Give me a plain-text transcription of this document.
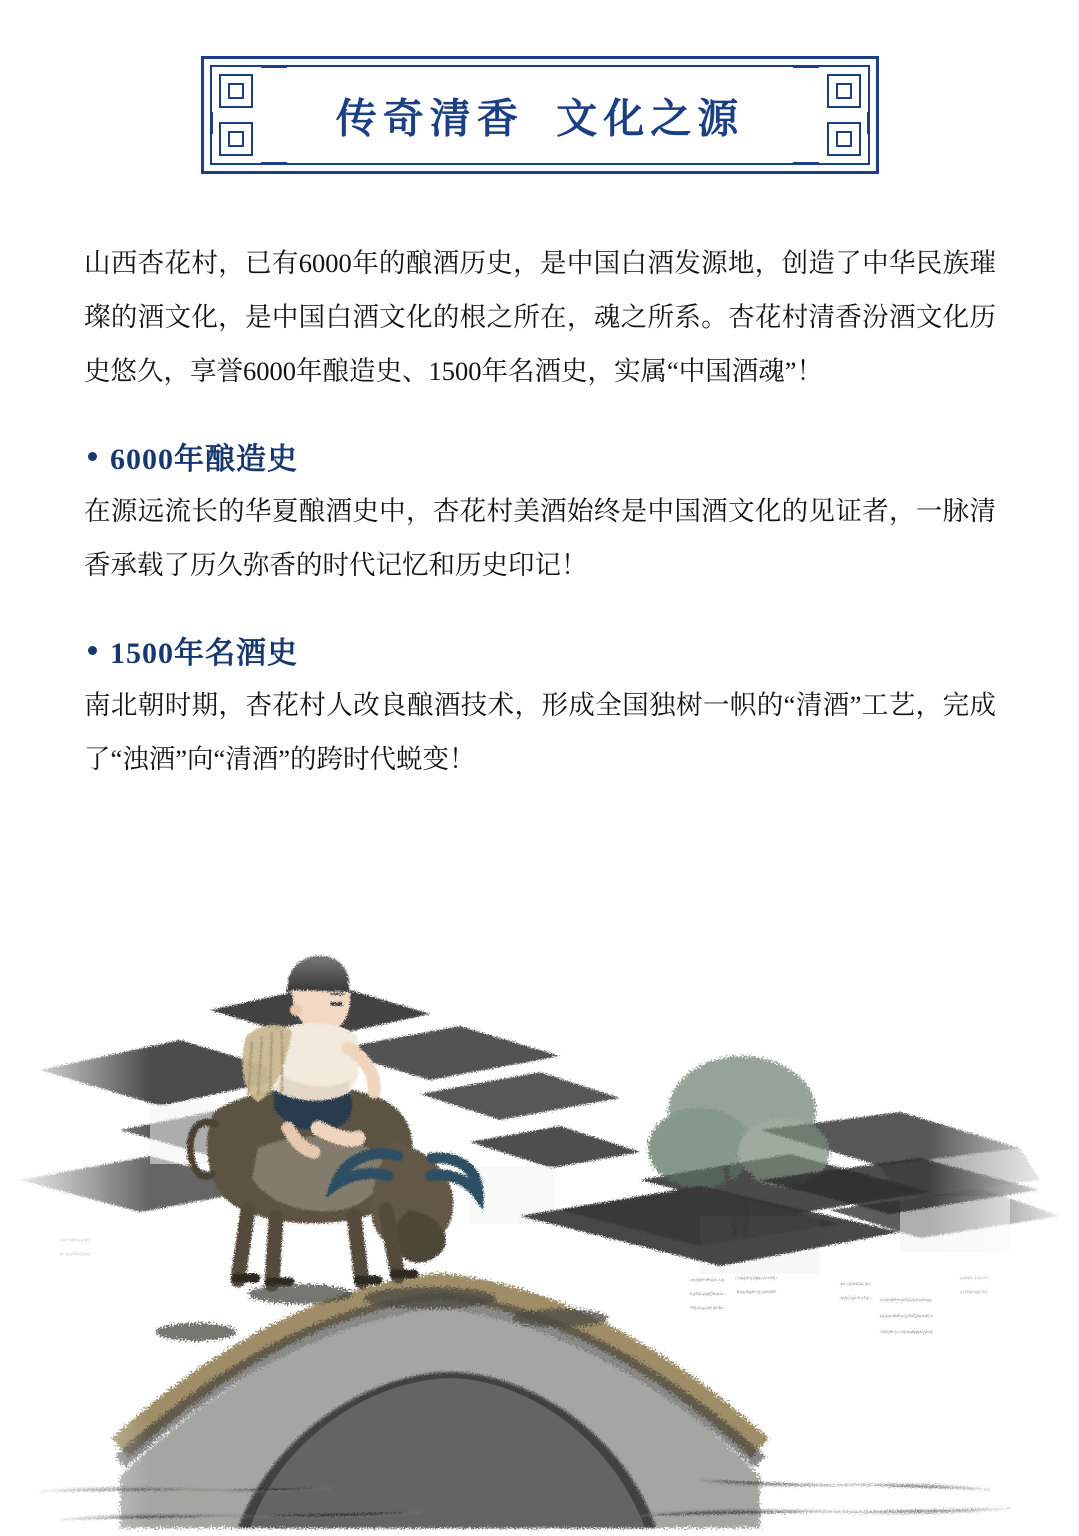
传奇清香  文化之源

山西杏花村，已有6000年的酿酒历史，是中国白酒发源地，创造了中华民族璀璨的酒文化，是中国白酒文化的根之所在，魂之所系。杏花村清香汾酒文化历史悠久，享誉6000年酿造史、1500年名酒史，实属“中国酒魂”！

6000年酿造史

在源远流长的华夏酿酒史中，杏花村美酒始终是中国酒文化的见证者，一脉清香承载了历久弥香的时代记忆和历史印记！

1500年名酒史

南北朝时期，杏花村人改良酿酒技术，形成全国独树一帜的“清酒”工艺，完成了“浊酒”向“清酒”的跨时代蜕变！
